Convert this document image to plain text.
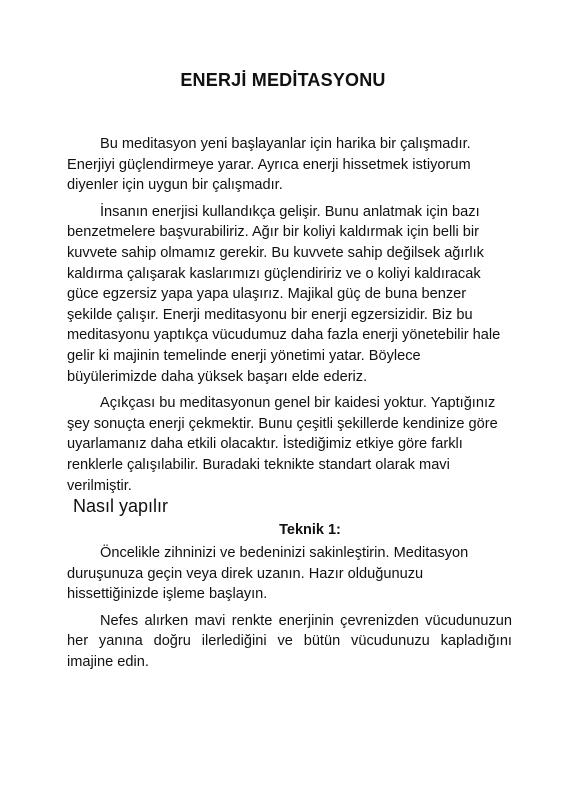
ENERJİ MEDİTASYONU

Bu meditasyon yeni başlayanlar için harika bir çalışmadır. Enerjiyi güçlendirmeye yarar. Ayrıca enerji hissetmek istiyorum diyenler için uygun bir çalışmadır.

İnsanın enerjisi kullandıkça gelişir. Bunu anlatmak için bazı benzetmelere başvurabiliriz. Ağır bir koliyi kaldırmak için belli bir kuvvete sahip olmamız gerekir. Bu kuvvete sahip değilsek ağırlık kaldırma çalışarak kaslarımızı güçlendiririz ve o koliyi kaldıracak güce egzersiz yapa yapa ulaşırız. Majikal güç de buna benzer şekilde çalışır. Enerji meditasyonu bir enerji egzersizidir. Biz bu meditasyonu yaptıkça vücudumuz daha fazla enerji yönetebilir hale gelir ki majinin temelinde enerji yönetimi yatar. Böylece büyülerimizde daha yüksek başarı elde ederiz.

Açıkçası bu meditasyonun genel bir kaidesi yoktur. Yaptığınız şey sonuçta enerji çekmektir. Bunu çeşitli şekillerde kendinize göre uyarlamanız daha etkili olacaktır. İstediğimiz etkiye göre farklı renklerle çalışılabilir. Buradaki teknikte standart olarak mavi verilmiştir.

Nasıl yapılır
Teknik 1:

Öncelikle zihninizi ve bedeninizi sakinleştirin. Meditasyon duruşunuza geçin veya direk uzanın. Hazır olduğunuzu hissettiğinizde işleme başlayın.

Nefes alırken mavi renkte enerjinin çevrenizden vücudunuzun her yanına doğru ilerlediğini ve bütün vücudunuzu kapladığını imajine edin.
